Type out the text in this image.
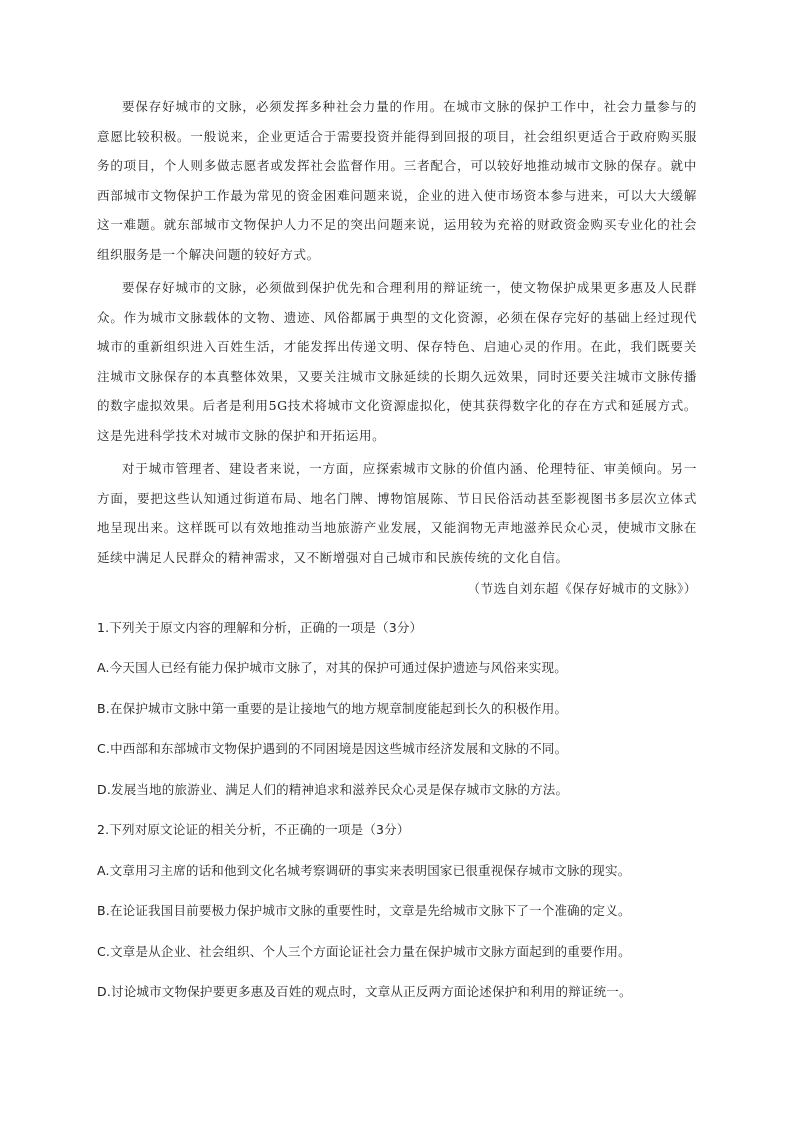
要保存好城市的文脉，必须发挥多种社会力量的作用。在城市文脉的保护工作中，社会力量参与的意愿比较积极。一般说来，企业更适合于需要投资并能得到回报的项目，社会组织更适合于政府购买服务的项目，个人则多做志愿者或发挥社会监督作用。三者配合，可以较好地推动城市文脉的保存。就中西部城市文物保护工作最为常见的资金困难问题来说，企业的进入使市场资本参与进来，可以大大缓解这一难题。就东部城市文物保护人力不足的突出问题来说，运用较为充裕的财政资金购买专业化的社会组织服务是一个解决问题的较好方式。

要保存好城市的文脉，必须做到保护优先和合理利用的辩证统一，使文物保护成果更多惠及人民群众。作为城市文脉载体的文物、遗迹、风俗都属于典型的文化资源，必须在保存完好的基础上经过现代城市的重新组织进入百姓生活，才能发挥出传递文明、保存特色、启迪心灵的作用。在此，我们既要关注城市文脉保存的本真整体效果，又要关注城市文脉延续的长期久远效果，同时还要关注城市文脉传播的数字虚拟效果。后者是利用5G技术将城市文化资源虚拟化，使其获得数字化的存在方式和延展方式。这是先进科学技术对城市文脉的保护和开拓运用。

对于城市管理者、建设者来说，一方面，应探索城市文脉的价值内涵、伦理特征、审美倾向。另一方面，要把这些认知通过街道布局、地名门牌、博物馆展陈、节日民俗活动甚至影视图书多层次立体式地呈现出来。这样既可以有效地推动当地旅游产业发展，又能润物无声地滋养民众心灵，使城市文脉在延续中满足人民群众的精神需求，又不断增强对自己城市和民族传统的文化自信。

（节选自刘东超《保存好城市的文脉》）
1.下列关于原文内容的理解和分析，正确的一项是（3分）
A.今天国人已经有能力保护城市文脉了，对其的保护可通过保护遗迹与风俗来实现。
B.在保护城市文脉中第一重要的是让接地气的地方规章制度能起到长久的积极作用。
C.中西部和东部城市文物保护遇到的不同困境是因这些城市经济发展和文脉的不同。
D.发展当地的旅游业、满足人们的精神追求和滋养民众心灵是保存城市文脉的方法。
2.下列对原文论证的相关分析，不正确的一项是（3分）
A.文章用习主席的话和他到文化名城考察调研的事实来表明国家已很重视保存城市文脉的现实。
B.在论证我国目前要极力保护城市文脉的重要性时，文章是先给城市文脉下了一个准确的定义。
C.文章是从企业、社会组织、个人三个方面论证社会力量在保护城市文脉方面起到的重要作用。
D.讨论城市文物保护要更多惠及百姓的观点时，文章从正反两方面论述保护和利用的辩证统一。
